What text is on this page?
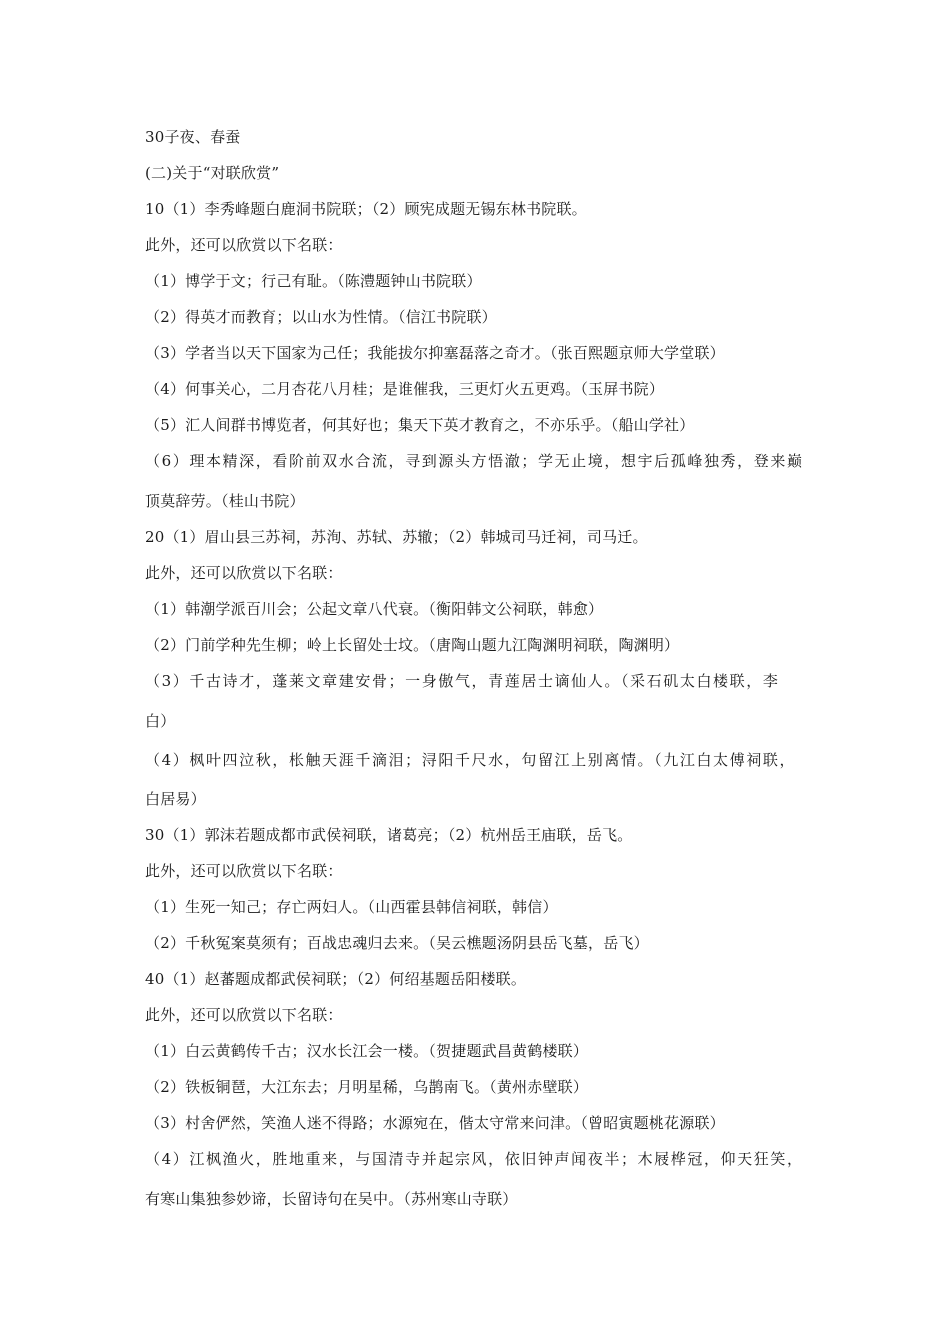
30子夜、春蚕
(二)关于“对联欣赏”
10（1）李秀峰题白鹿洞书院联；（2）顾宪成题无锡东林书院联。
此外，还可以欣赏以下名联：
（1）博学于文；行己有耻。（陈澧题钟山书院联）
（2）得英才而教育；以山水为性情。（信江书院联）
（3）学者当以天下国家为己任；我能拔尔抑塞磊落之奇才。（张百熙题京师大学堂联）
（4）何事关心，二月杏花八月桂；是谁催我，三更灯火五更鸡。（玉屏书院）
（5）汇人间群书博览者，何其好也；集天下英才教育之，不亦乐乎。（船山学社）
（6）理本精深，看阶前双水合流，寻到源头方悟澈；学无止境，想宇后孤峰独秀，登来巅
顶莫辞劳。（桂山书院）
20（1）眉山县三苏祠，苏洵、苏轼、苏辙；（2）韩城司马迁祠，司马迁。
此外，还可以欣赏以下名联：
（1）韩潮学派百川会；公起文章八代衰。（衡阳韩文公祠联，韩愈）
（2）门前学种先生柳；岭上长留处士坟。（唐陶山题九江陶渊明祠联，陶渊明）
（3）千古诗才，蓬莱文章建安骨；一身傲气，青莲居士谪仙人。（采石矶太白楼联，李
白）
（4）枫叶四泣秋，枨触天涯千滴泪；浔阳千尺水，句留江上别离情。（九江白太傅祠联，
白居易）
30（1）郭沫若题成都市武侯祠联，诸葛亮；（2）杭州岳王庙联，岳飞。
此外，还可以欣赏以下名联：
（1）生死一知己；存亡两妇人。（山西霍县韩信祠联，韩信）
（2）千秋冤案莫须有；百战忠魂归去来。（吴云樵题汤阴县岳飞墓，岳飞）
40（1）赵蕃题成都武侯祠联；（2）何绍基题岳阳楼联。
此外，还可以欣赏以下名联：
（1）白云黄鹤传千古；汉水长江会一楼。（贺捷题武昌黄鹤楼联）
（2）铁板铜琶，大江东去；月明星稀，乌鹊南飞。（黄州赤壁联）
（3）村舍俨然，笑渔人迷不得路；水源宛在，偕太守常来问津。（曾昭寅题桃花源联）
（4）江枫渔火，胜地重来，与国清寺并起宗风，依旧钟声闻夜半；木屐桦冠，仰天狂笑，
有寒山集独参妙谛，长留诗句在吴中。（苏州寒山寺联）
